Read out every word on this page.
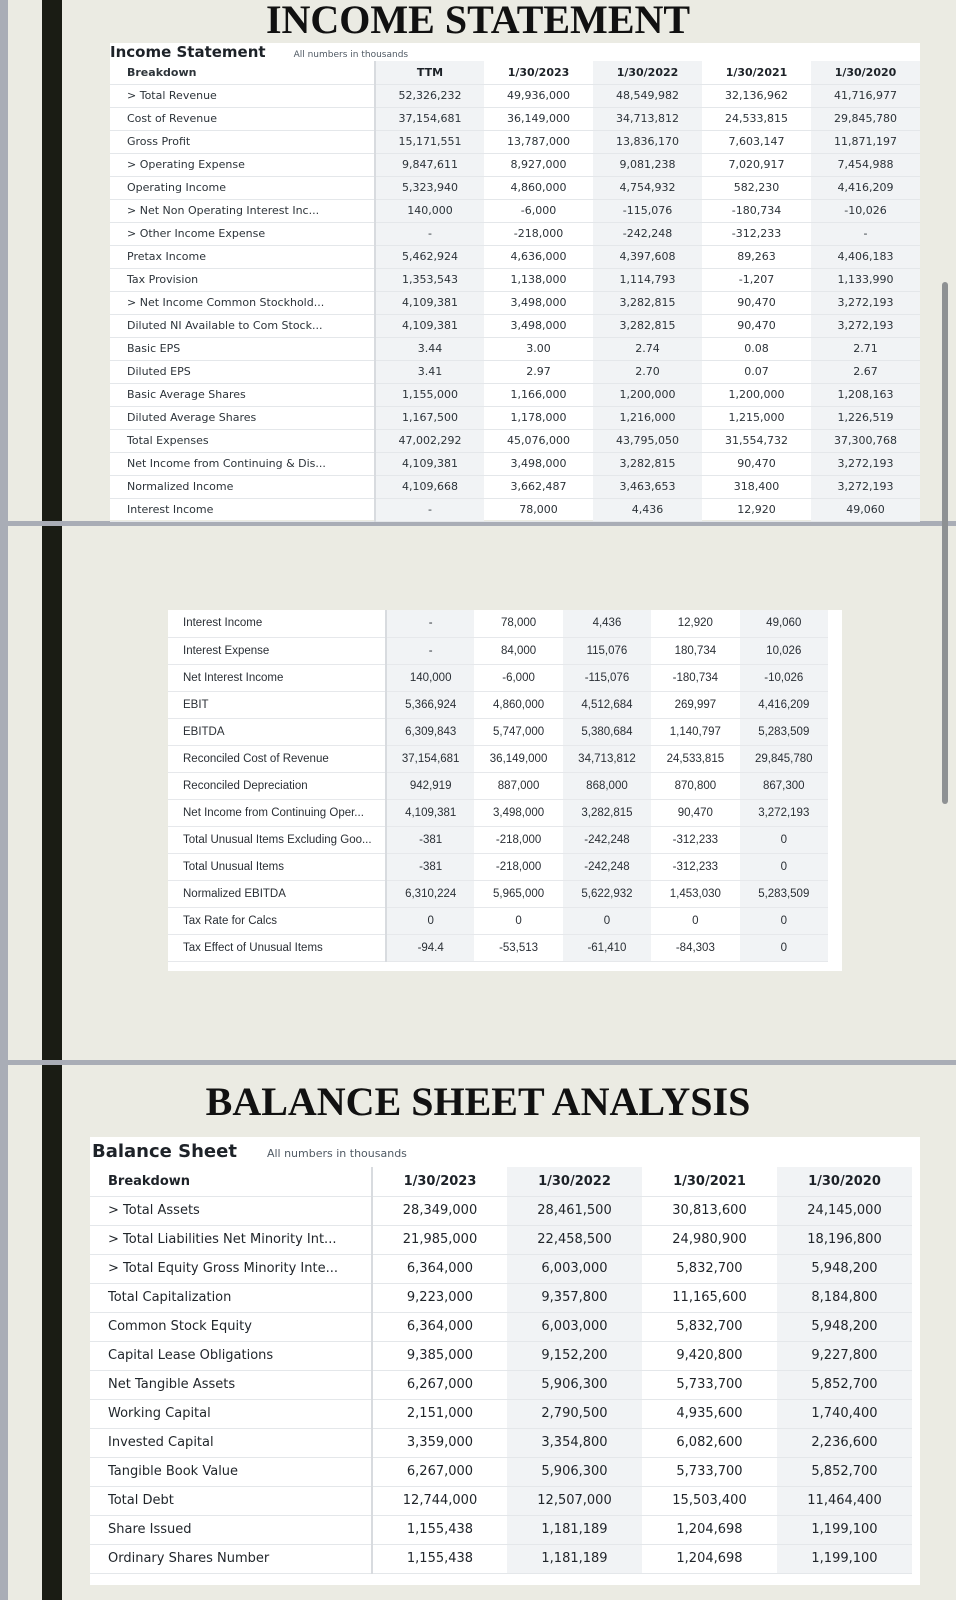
INCOME STATEMENT
Income Statement	All numbers in thousands
Breakdown	TTM	1/30/2023	1/30/2022	1/30/2021	1/30/2020
> Total Revenue	52,326,232	49,936,000	48,549,982	32,136,962	41,716,977
Cost of Revenue	37,154,681	36,149,000	34,713,812	24,533,815	29,845,780
Gross Profit	15,171,551	13,787,000	13,836,170	7,603,147	11,871,197
> Operating Expense	9,847,611	8,927,000	9,081,238	7,020,917	7,454,988
Operating Income	5,323,940	4,860,000	4,754,932	582,230	4,416,209
> Net Non Operating Interest Inc...	140,000	-6,000	-115,076	-180,734	-10,026
> Other Income Expense	-	-218,000	-242,248	-312,233	-
Pretax Income	5,462,924	4,636,000	4,397,608	89,263	4,406,183
Tax Provision	1,353,543	1,138,000	1,114,793	-1,207	1,133,990
> Net Income Common Stockhold...	4,109,381	3,498,000	3,282,815	90,470	3,272,193
Diluted NI Available to Com Stock...	4,109,381	3,498,000	3,282,815	90,470	3,272,193
Basic EPS	3.44	3.00	2.74	0.08	2.71
Diluted EPS	3.41	2.97	2.70	0.07	2.67
Basic Average Shares	1,155,000	1,166,000	1,200,000	1,200,000	1,208,163
Diluted Average Shares	1,167,500	1,178,000	1,216,000	1,215,000	1,226,519
Total Expenses	47,002,292	45,076,000	43,795,050	31,554,732	37,300,768
Net Income from Continuing & Dis...	4,109,381	3,498,000	3,282,815	90,470	3,272,193
Normalized Income	4,109,668	3,662,487	3,463,653	318,400	3,272,193
Interest Income	-	78,000	4,436	12,920	49,060
Interest Income	-	78,000	4,436	12,920	49,060
Interest Expense	-	84,000	115,076	180,734	10,026
Net Interest Income	140,000	-6,000	-115,076	-180,734	-10,026
EBIT	5,366,924	4,860,000	4,512,684	269,997	4,416,209
EBITDA	6,309,843	5,747,000	5,380,684	1,140,797	5,283,509
Reconciled Cost of Revenue	37,154,681	36,149,000	34,713,812	24,533,815	29,845,780
Reconciled Depreciation	942,919	887,000	868,000	870,800	867,300
Net Income from Continuing Oper...	4,109,381	3,498,000	3,282,815	90,470	3,272,193
Total Unusual Items Excluding Goo...	-381	-218,000	-242,248	-312,233	0
Total Unusual Items	-381	-218,000	-242,248	-312,233	0
Normalized EBITDA	6,310,224	5,965,000	5,622,932	1,453,030	5,283,509
Tax Rate for Calcs	0	0	0	0	0
Tax Effect of Unusual Items	-94.4	-53,513	-61,410	-84,303	0
BALANCE SHEET ANALYSIS
Balance Sheet	All numbers in thousands
Breakdown	1/30/2023	1/30/2022	1/30/2021	1/30/2020
> Total Assets	28,349,000	28,461,500	30,813,600	24,145,000
> Total Liabilities Net Minority Int...	21,985,000	22,458,500	24,980,900	18,196,800
> Total Equity Gross Minority Inte...	6,364,000	6,003,000	5,832,700	5,948,200
Total Capitalization	9,223,000	9,357,800	11,165,600	8,184,800
Common Stock Equity	6,364,000	6,003,000	5,832,700	5,948,200
Capital Lease Obligations	9,385,000	9,152,200	9,420,800	9,227,800
Net Tangible Assets	6,267,000	5,906,300	5,733,700	5,852,700
Working Capital	2,151,000	2,790,500	4,935,600	1,740,400
Invested Capital	3,359,000	3,354,800	6,082,600	2,236,600
Tangible Book Value	6,267,000	5,906,300	5,733,700	5,852,700
Total Debt	12,744,000	12,507,000	15,503,400	11,464,400
Share Issued	1,155,438	1,181,189	1,204,698	1,199,100
Ordinary Shares Number	1,155,438	1,181,189	1,204,698	1,199,100
